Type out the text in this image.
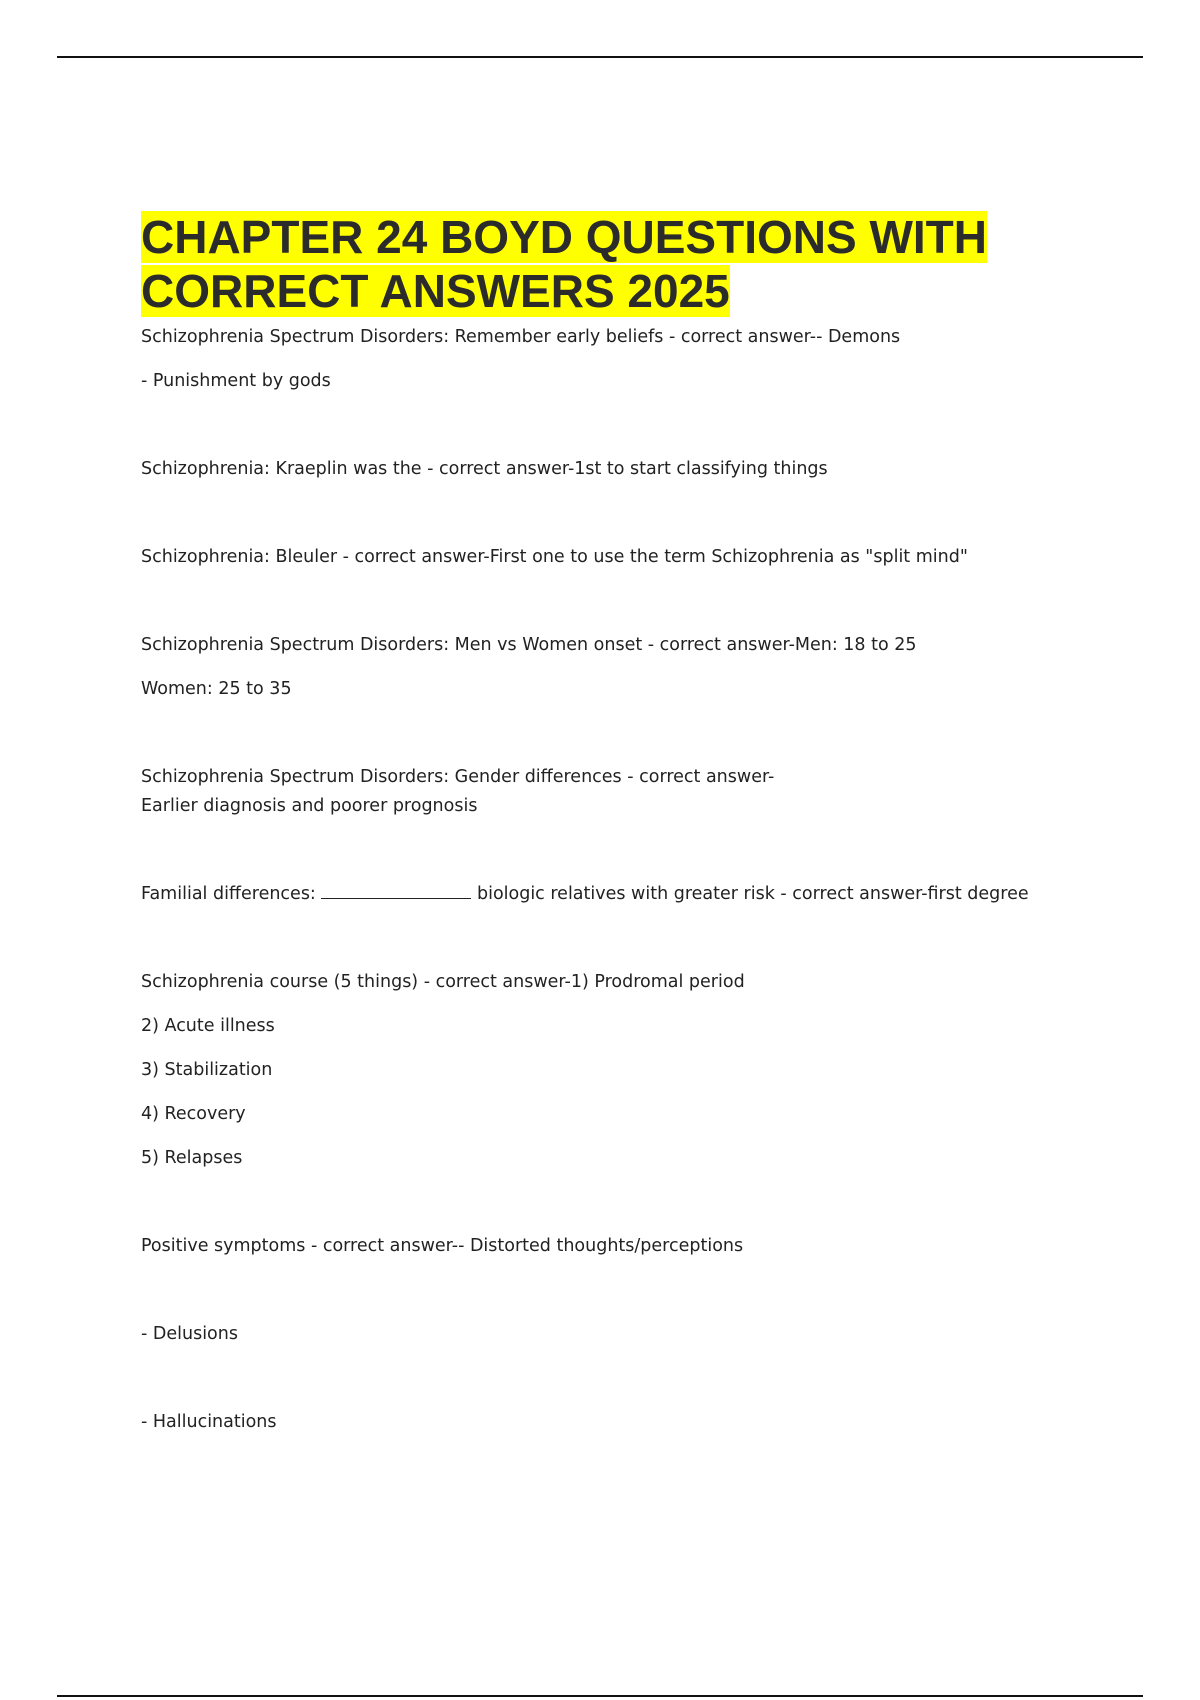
CHAPTER 24 BOYD QUESTIONS WITH
CORRECT ANSWERS 2025

Schizophrenia Spectrum Disorders: Remember early beliefs - correct answer-- Demons

- Punishment by gods

Schizophrenia: Kraeplin was the - correct answer-1st to start classifying things

Schizophrenia: Bleuler - correct answer-First one to use the term Schizophrenia as "split mind"

Schizophrenia Spectrum Disorders: Men vs Women onset - correct answer-Men: 18 to 25

Women: 25 to 35

Schizophrenia Spectrum Disorders: Gender differences - correct answer-

Earlier diagnosis and poorer prognosis

Familial differences:	biologic relatives with greater risk - correct answer-first degree

Schizophrenia course (5 things) - correct answer-1) Prodromal period

2) Acute illness

3) Stabilization

4) Recovery

5) Relapses

Positive symptoms - correct answer-- Distorted thoughts/perceptions

- Delusions

- Hallucinations
